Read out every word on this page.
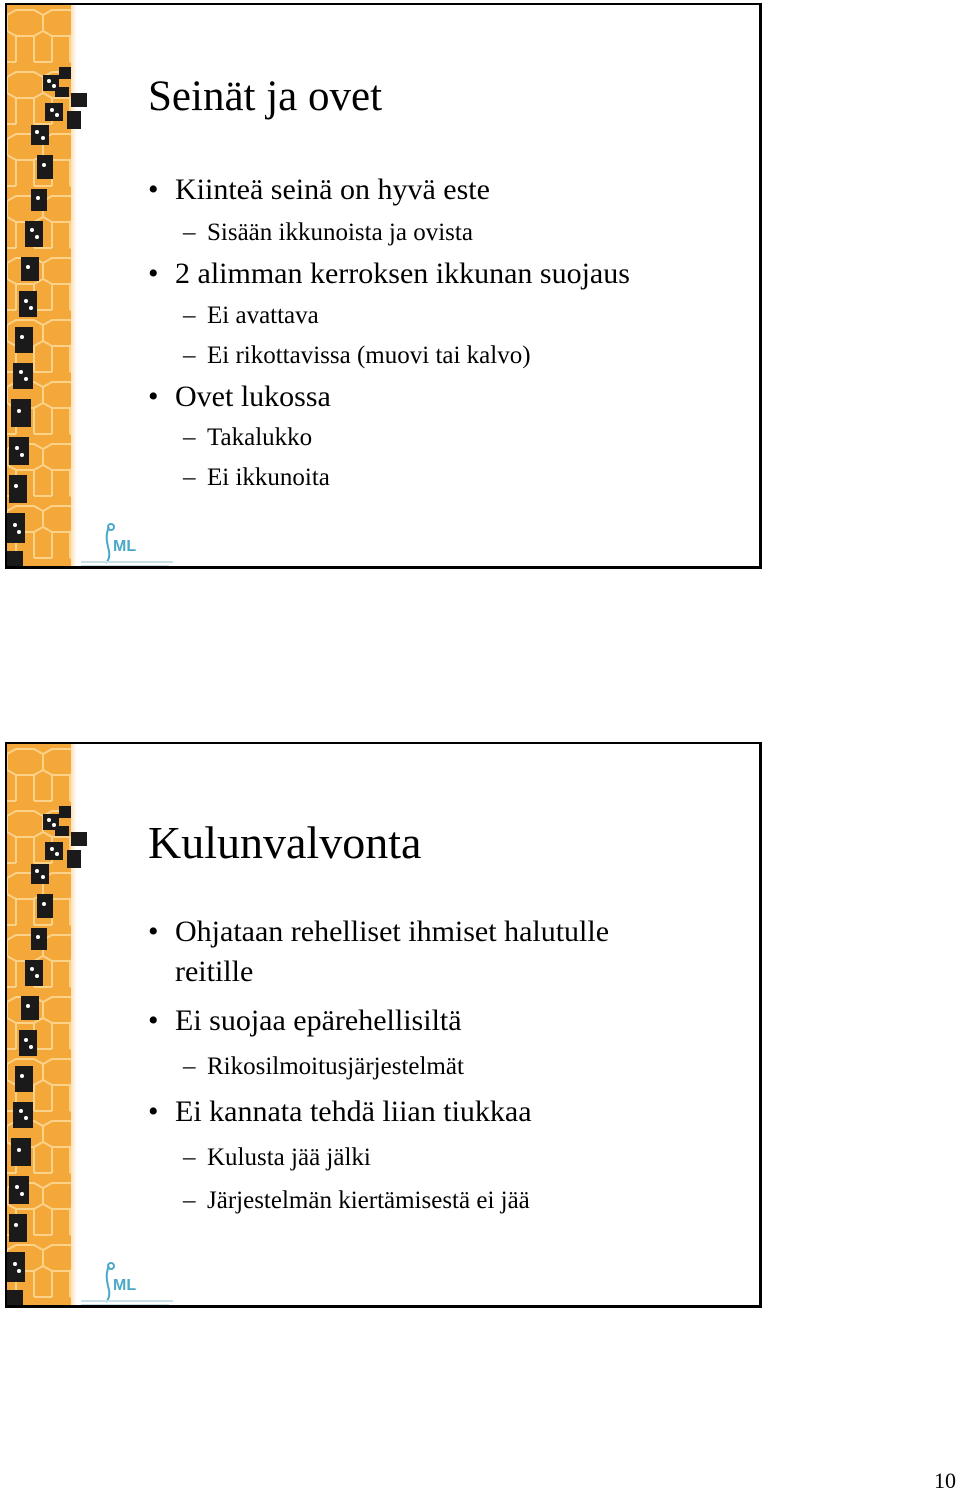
ML
Seinät ja ovet
• Kiinteä seinä on hyvä este
– Sisään ikkunoista ja ovista
• 2 alimman kerroksen ikkunan suojaus
– Ei avattava
– Ei rikottavissa (muovi tai kalvo)
• Ovet lukossa
– Takalukko
– Ei ikkunoita
ML
Kulunvalvonta
• Ohjataan rehelliset ihmiset halutulle
reitille
• Ei suojaa epärehellisiltä
– Rikosilmoitusjärjestelmät
• Ei kannata tehdä liian tiukkaa
– Kulusta jää jälki
– Järjestelmän kiertämisestä ei jää
10
